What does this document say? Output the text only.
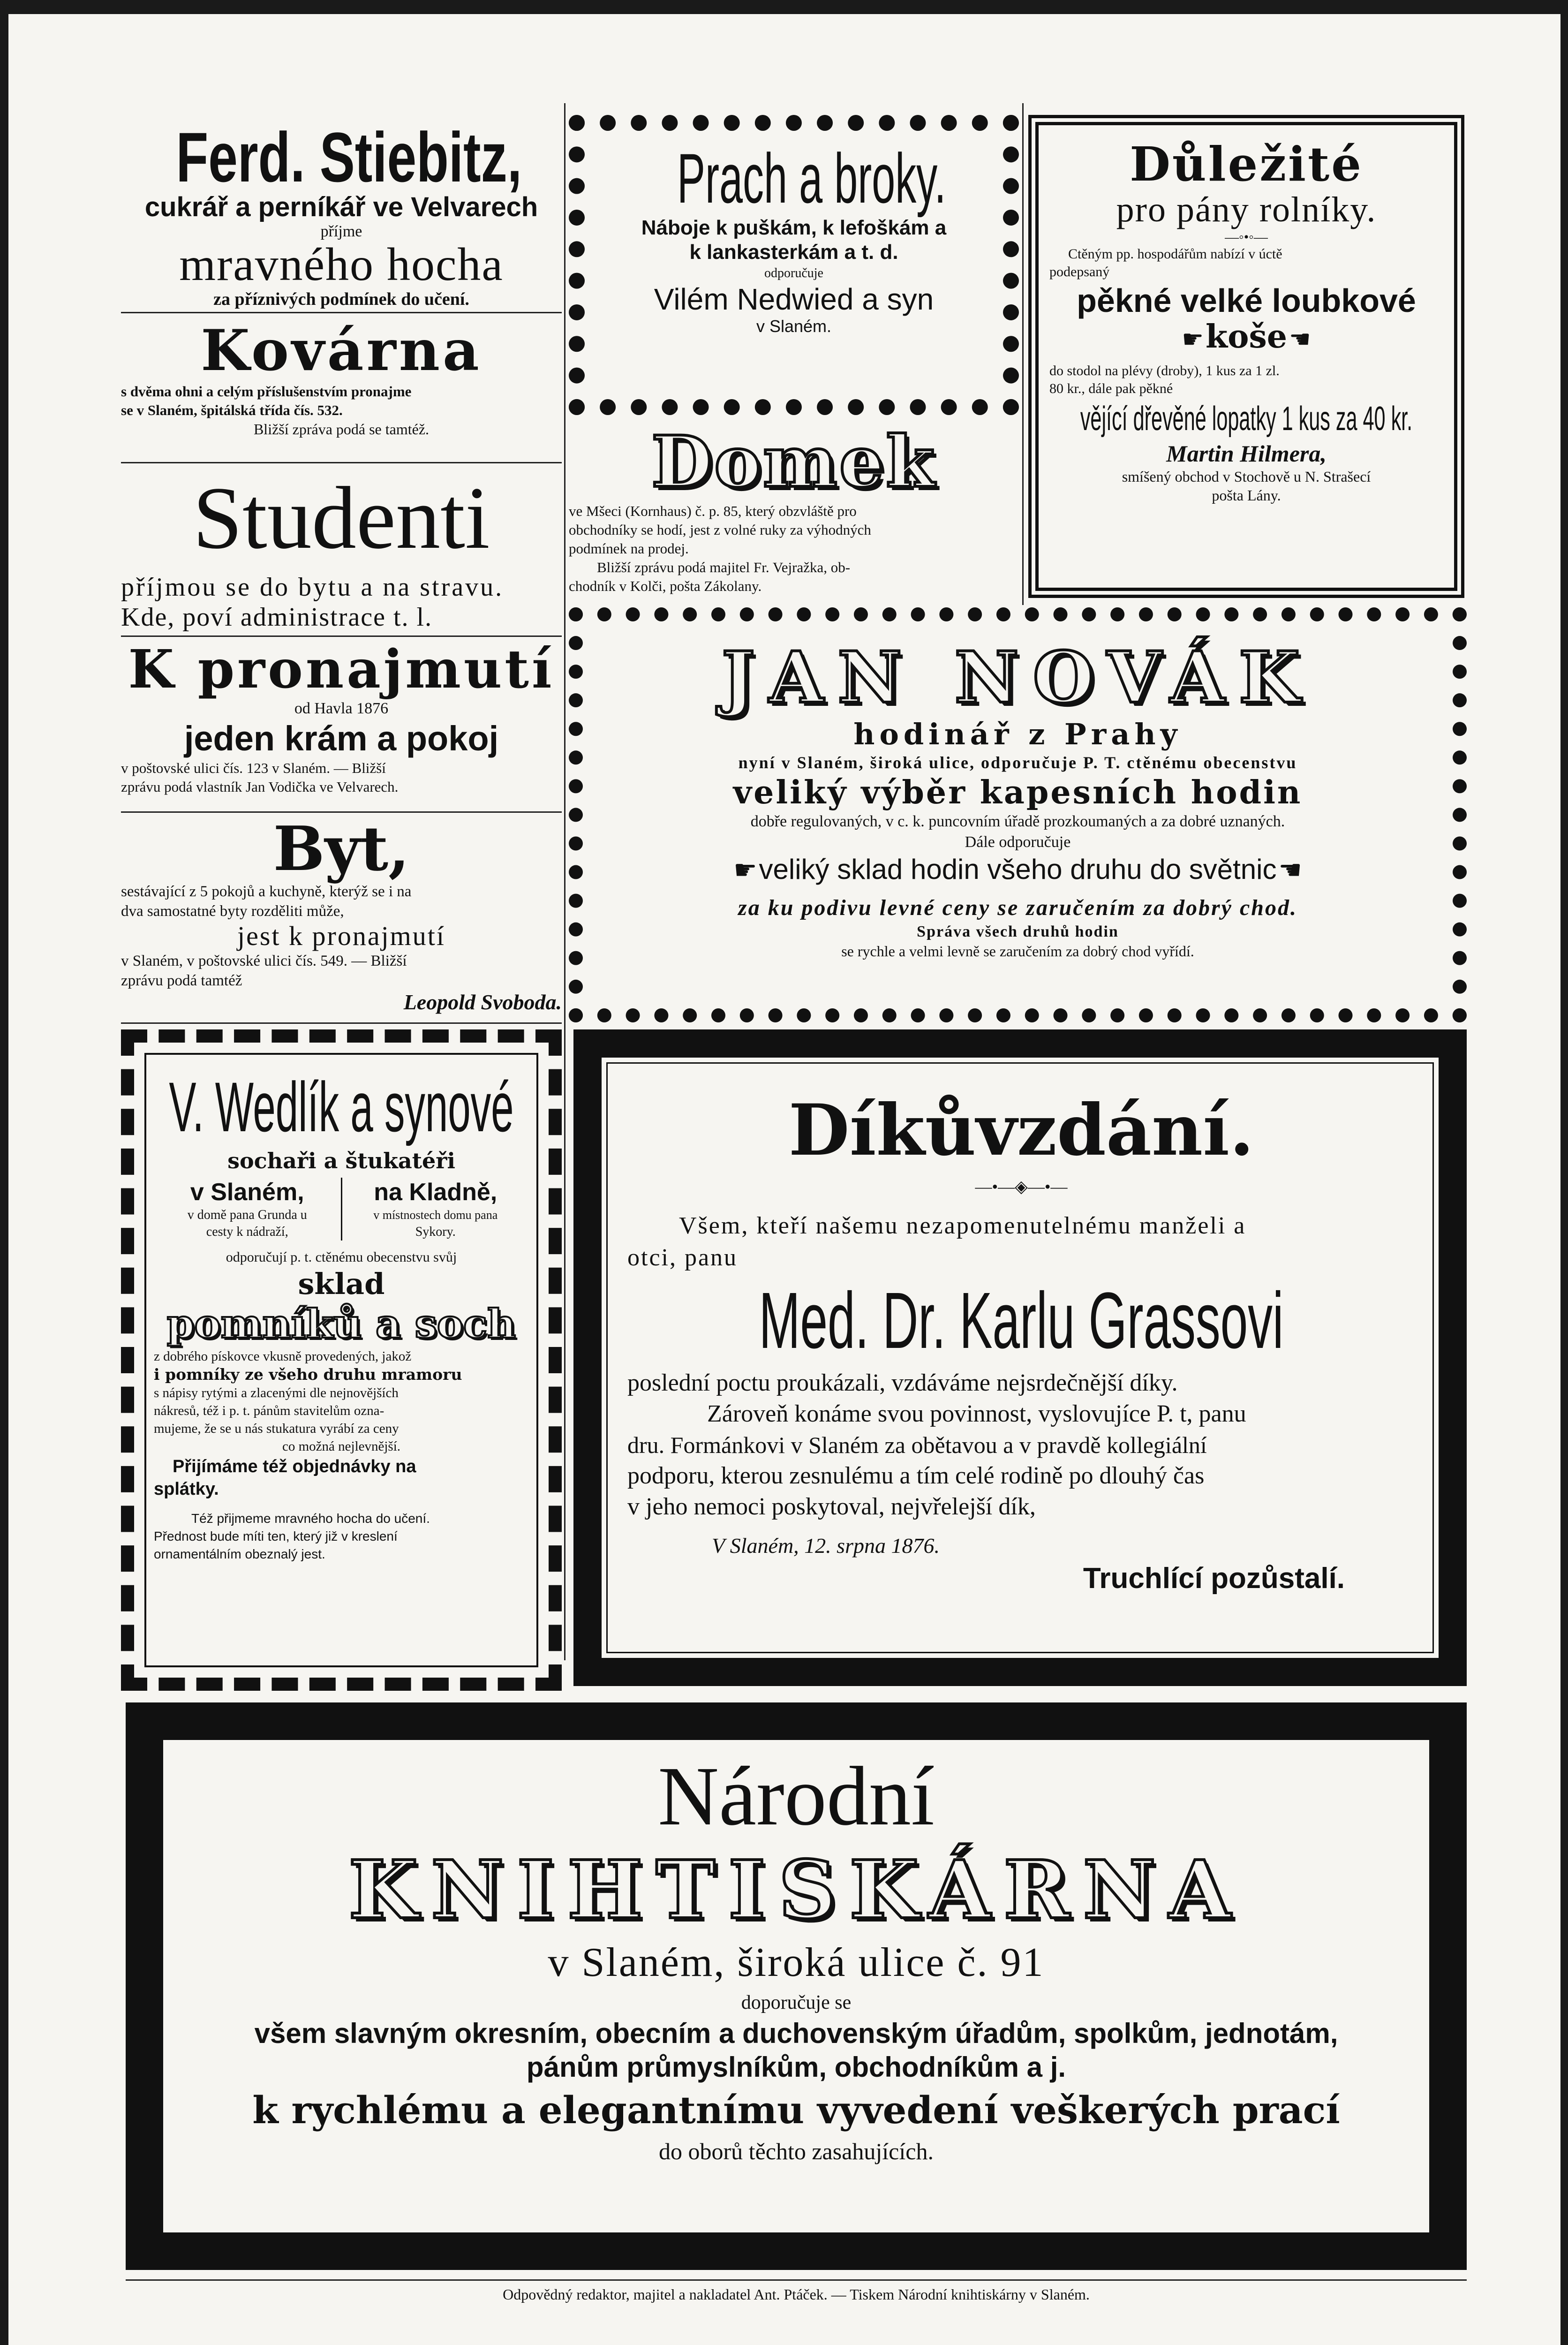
Ferd. Stiebitz,
cukrář a perníkář ve Velvarech
příjme
mravného hocha
za příznivých podmínek do učení.
Kovárna
s dvěma ohni a celým příslušenstvím pronajme
se v Slaném, špitálská třída čís. 532.
Bližší zpráva podá se tamtéž.
Studenti
příjmou se do bytu a na stravu.
Kde, poví administrace t. l.
K pronajmutí
od Havla 1876
jeden krám a pokoj
v poštovské ulici čís. 123 v Slaném. — Bližší
zprávu podá vlastník Jan Vodička ve Velvarech.
Byt,
sestávající z 5 pokojů a kuchyně, kterýž se i na
dva samostatné byty rozděliti může,
jest k pronajmutí
v Slaném, v poštovské ulici čís. 549. — Bližší
zprávu podá tamtéž
Leopold Svoboda.
Prach a broky.
Náboje k puškám, k lefoškám a
k lankasterkám a t. d.
odporučuje
Vilém Nedwied a syn
v Slaném.
Domek
ve Mšeci (Kornhaus) č. p. 85, který obzvláště pro
obchodníky se hodí, jest z volné ruky za výhodných
podmínek na prodej.
Bližší zprávu podá majitel Fr. Vejražka, ob-
chodník v Kolči, pošta Zákolany.
Důležité
pro pány rolníky.
—◦•◦—
Ctěným pp. hospodářům nabízí v úctě
podepsaný
pěkné velké loubkové
☛ koše ☚
do stodol na plévy (droby), 1 kus za 1 zl.
80 kr., dále pak pěkné
vějící dřevěné lopatky 1 kus za 40 kr.
Martin Hilmera,
smíšený obchod v Stochově u N. Strašecí
pošta Lány.
JAN NOVÁK
hodinář z Prahy
nyní v Slaném, široká ulice, odporučuje P. T. ctěnému obecenstvu
veliký výběr kapesních hodin
dobře regulovaných, v c. k. puncovním úřadě prozkoumaných a za dobré uznaných.
Dále odporučuje
☛ veliký sklad hodin všeho druhu do světnic ☚
za ku podivu levné ceny se zaručením za dobrý chod.
Správa všech druhů hodin
se rychle a velmi levně se zaručením za dobrý chod vyřídí.
V. Wedlík a synové
sochaři a štukatéři
v Slaném,
v domě pana Grunda u
cesty k nádraží,
na Kladně,
v místnostech domu pana
Sykory.
odporučují p. t. ctěnému obecenstvu svůj
sklad
pomníků a soch
z dobrého pískovce vkusně provedených, jakož
i pomníky ze všeho druhu mramoru
s nápisy rytými a zlacenými dle nejnovějších
nákresů, též i p. t. pánům stavitelům ozna-
mujeme, že se u nás stukatura vyrábí za ceny
co možná nejlevnější.
Přijímáme též objednávky na
splátky.
Též přijmeme mravného hocha do učení.
Přednost bude míti ten, který již v kreslení
ornamentálním obeznalý jest.
Díkůvzdání.
—•—◈—•—
Všem, kteří našemu nezapomenutelnému manželi a
otci, panu
Med. Dr. Karlu Grassovi
poslední poctu proukázali, vzdáváme nejsrdečnější díky.
Zároveň konáme svou povinnost, vyslovujíce P. t, panu
dru. Formánkovi v Slaném za obětavou a v pravdě kollegiální
podporu, kterou zesnulému a tím celé rodině po dlouhý čas
v jeho nemoci poskytoval, nejvřelejší dík,
V Slaném, 12. srpna 1876.
Truchlící pozůstalí.
Národní
KNIHTISKÁRNA
v Slaném, široká ulice č. 91
doporučuje se
všem slavným okresním, obecním a duchovenským úřadům, spolkům, jednotám,
pánům průmyslníkům, obchodníkům a j.
k rychlému a elegantnímu vyvedení veškerých prací
do oborů těchto zasahujících.
Odpovědný redaktor, majitel a nakladatel Ant. Ptáček. — Tiskem Národní knihtiskárny v Slaném.
